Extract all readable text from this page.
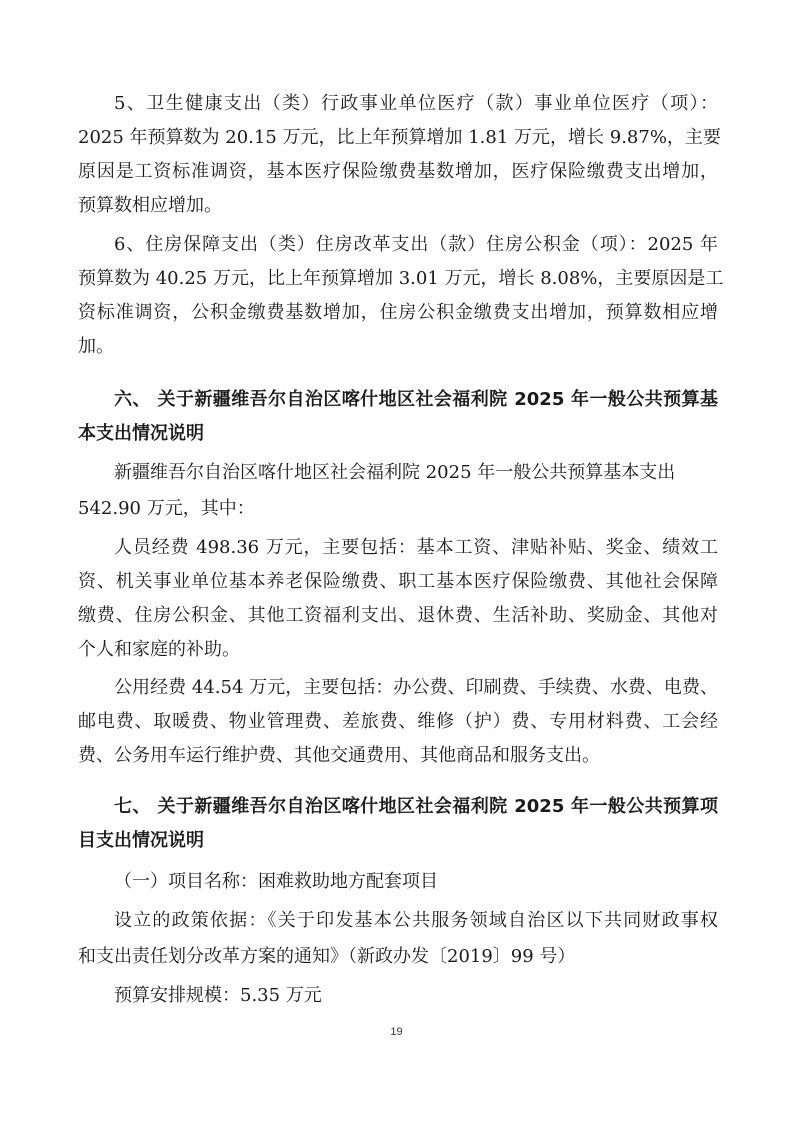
5、卫生健康支出（类）行政事业单位医疗（款）事业单位医疗（项）：
2025 年预算数为 20.15 万元，比上年预算增加 1.81 万元，增长 9.87%，主要
原因是工资标准调资，基本医疗保险缴费基数增加，医疗保险缴费支出增加，
预算数相应增加。
6、住房保障支出（类）住房改革支出（款）住房公积金（项）：2025 年
预算数为 40.25 万元，比上年预算增加 3.01 万元，增长 8.08%，主要原因是工
资标准调资，公积金缴费基数增加，住房公积金缴费支出增加，预算数相应增
加。
六、 关于新疆维吾尔自治区喀什地区社会福利院 2025 年一般公共预算基
本支出情况说明
新疆维吾尔自治区喀什地区社会福利院 2025 年一般公共预算基本支出
542.90 万元，其中：
人员经费 498.36 万元，主要包括：基本工资、津贴补贴、奖金、绩效工
资、机关事业单位基本养老保险缴费、职工基本医疗保险缴费、其他社会保障
缴费、住房公积金、其他工资福利支出、退休费、生活补助、奖励金、其他对
个人和家庭的补助。
公用经费 44.54 万元，主要包括：办公费、印刷费、手续费、水费、电费、
邮电费、取暖费、物业管理费、差旅费、维修（护）费、专用材料费、工会经
费、公务用车运行维护费、其他交通费用、其他商品和服务支出。
七、 关于新疆维吾尔自治区喀什地区社会福利院 2025 年一般公共预算项
目支出情况说明
（一）项目名称：困难救助地方配套项目
设立的政策依据：《关于印发基本公共服务领域自治区以下共同财政事权
和支出责任划分改革方案的通知》（新政办发〔2019〕99 号）
预算安排规模：5.35 万元
19
